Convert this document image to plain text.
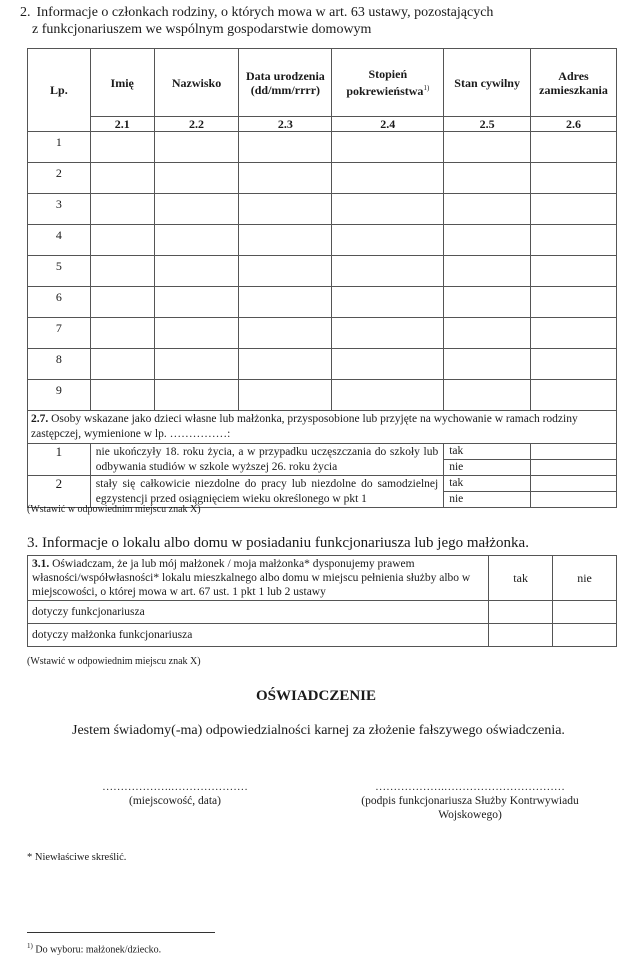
2. Informacje o członkach rodziny, o których mowa w art. 63 ustawy, pozostających
z funkcjonariuszem we wspólnym gospodarstwie domowym
Lp.	Imię	Nazwisko	Data urodzenia (dd/mm/rrrr)	Stopień pokrewieństwa$^{1)}$	Stan cywilny	Adres zamieszkania
	2.1	2.2	2.3	2.4	2.5	2.6
1						
2						
3						
4						
5						
6						
7						
8						
9						
2.7. Osoby wskazane jako dzieci własne lub małżonka, przysposobione lub przyjęte na wychowanie w ramach rodziny zastępczej, wymienione w lp. ……………:						
1	nie ukończyły 18. roku życia, a w przypadku uczęszczania do szkoły lub odbywania studiów w szkole wyższej 26. roku życia				tak	
					nie	
2	stały się całkowicie niezdolne do pracy lub niezdolne do samodzielnej egzystencji przed osiągnięciem wieku określonego w pkt 1				tak	
					nie	
(Wstawić w odpowiednim miejscu znak X)
3. Informacje o lokalu albo domu w posiadaniu funkcjonariusza lub jego małżonka.
3.1. Oświadczam, że ja lub mój małżonek / moja małżonka* dysponujemy prawem własności/współwłasności* lokalu mieszkalnego albo domu w miejscu pełnienia służby albo w miejscowości, o której mowa w art. 67 ust. 1 pkt 1 lub 2 ustawy	tak	nie
dotyczy funkcjonariusza		
dotyczy małżonka funkcjonariusza		
(Wstawić w odpowiednim miejscu znak X)
OŚWIADCZENIE
Jestem świadomy(-ma) odpowiedzialności karnej za złożenie fałszywego oświadczenia.
……………….…………………
(miejscowość, data)
……………….……………………………
(podpis funkcjonariusza Służby Kontrwywiadu
Wojskowego)
* Niewłaściwe skreślić.
$^{1)}$ Do wyboru: małżonek/dziecko.
